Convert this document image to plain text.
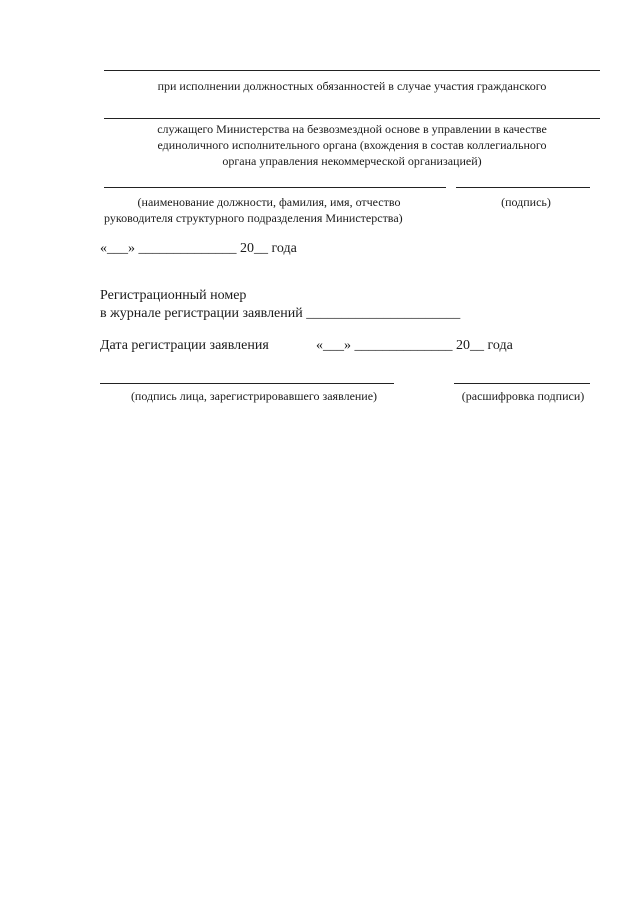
при исполнении должностных обязанностей в случае участия гражданского
служащего Министерства на безвозмездной основе в управлении в качестве
единоличного исполнительного органа (вхождения в состав коллегиального
органа управления некоммерческой организацией)
(наименование должности, фамилия, имя, отчество
руководителя структурного подразделения Министерства)
(подпись)
«___» ______________ 20__ года
Регистрационный номер
в журнале регистрации заявлений ______________________
Дата регистрации заявления	«___» ______________ 20__ года
(подпись лица, зарегистрировавшего заявление)	(расшифровка подписи)
